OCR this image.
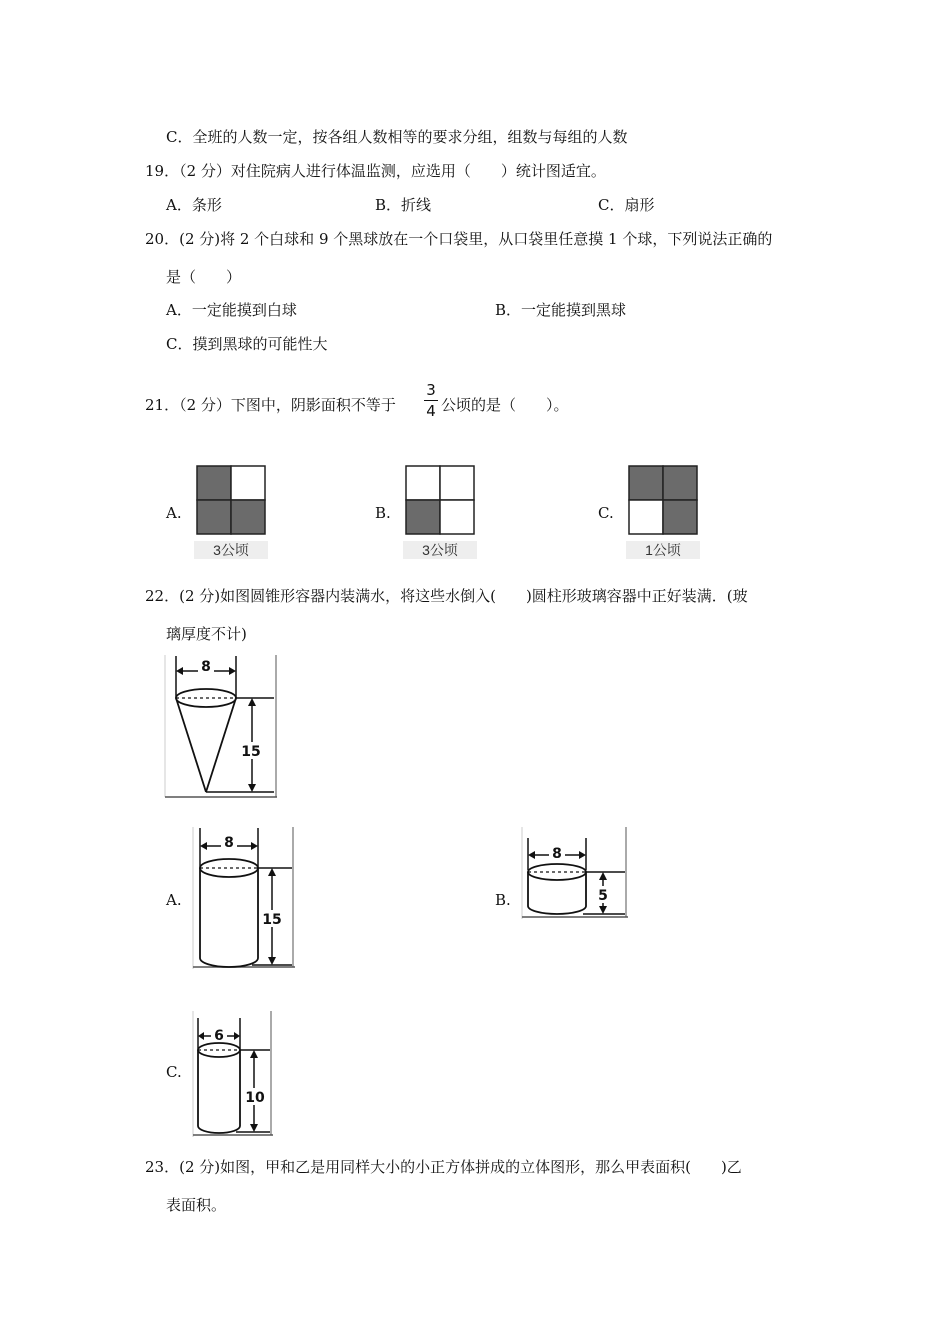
C．全班的人数一定，按各组人数相等的要求分组，组数与每组的人数
19．（2 分）对住院病人进行体温监测，应选用（　　）统计图适宜。
A．条形	B．折线	C．扇形
20．(2 分)将 2 个白球和 9 个黑球放在一个口袋里，从口袋里任意摸 1 个球，下列说法正确的
是（　　）
A．一定能摸到白球	B．一定能摸到黑球
C．摸到黑球的可能性大
21．（2 分）下图中，阴影面积不等于
3
4 公顷的是（　　）。
A.
3公顷
B.
3公顷
C.
1公顷
22．(2 分)如图圆锥形容器内装满水，将这些水倒入(　　)圆柱形玻璃容器中正好装满．(玻
璃厚度不计)
8
15
A.
8
15
B.
8
5
C.
6
10
23．(2 分)如图，甲和乙是用同样大小的小正方体拼成的立体图形，那么甲表面积(　　)乙
表面积。
